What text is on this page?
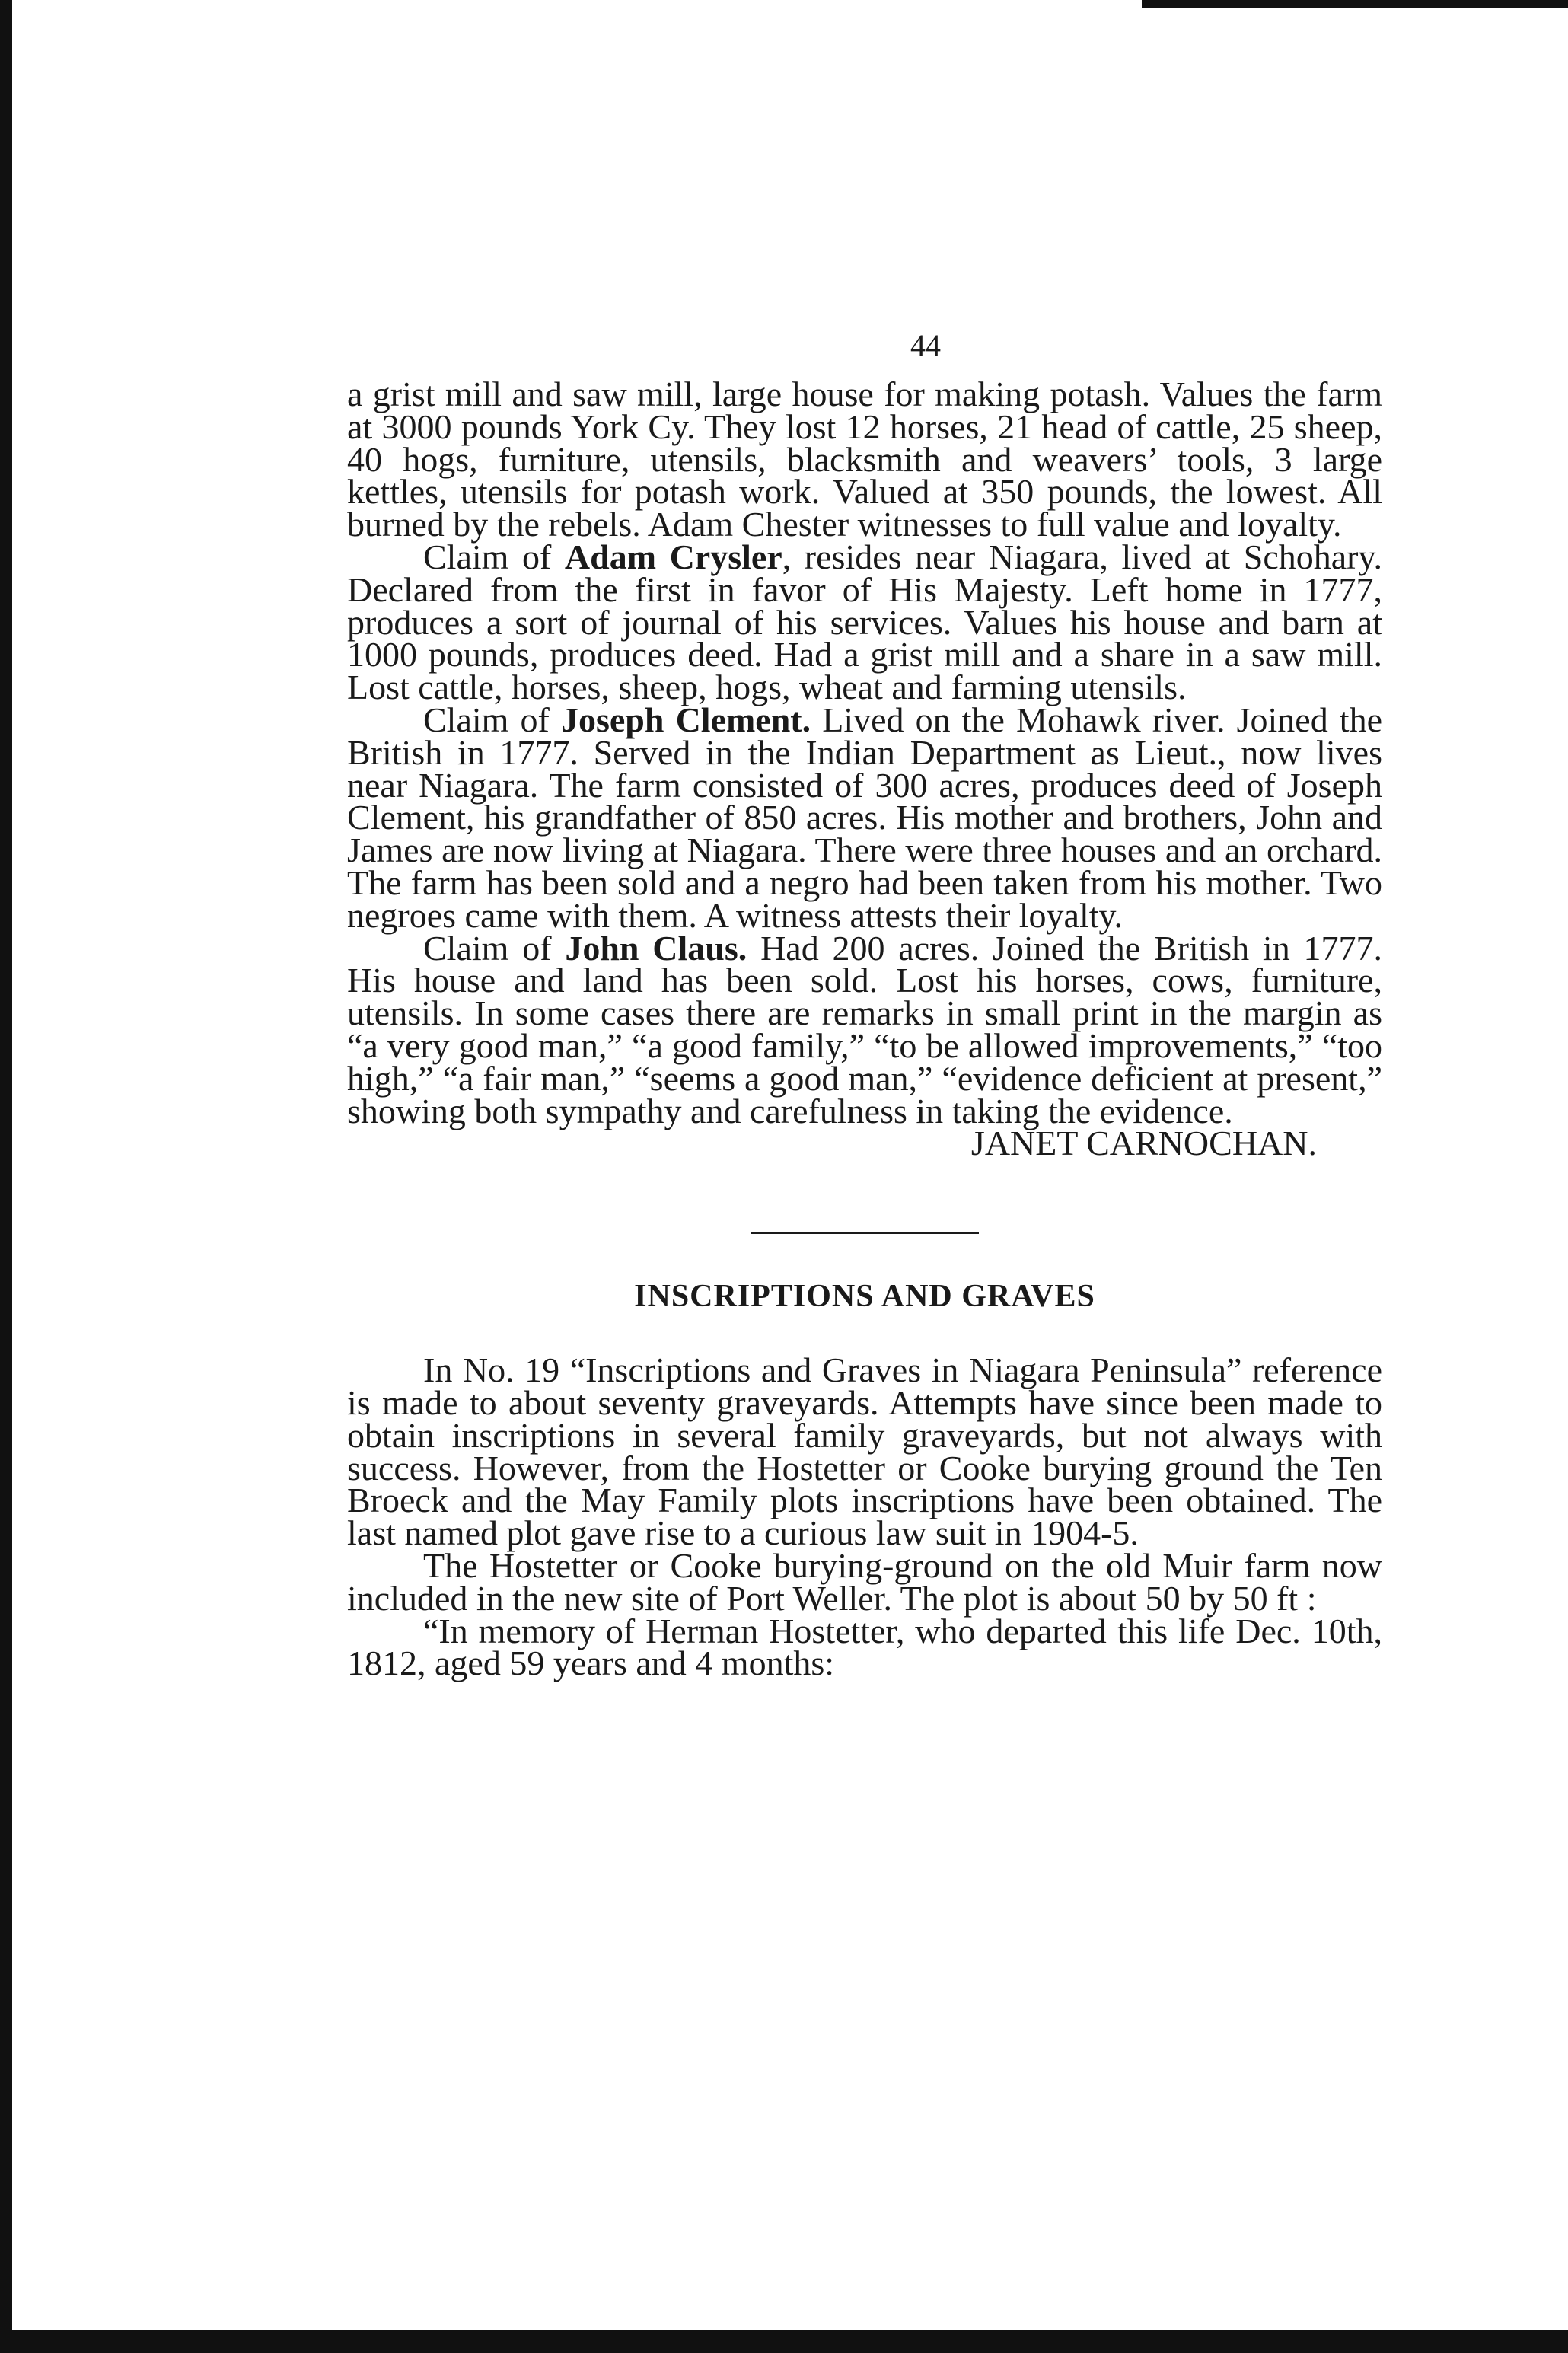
44

a grist mill and saw mill, large house for making potash. Values the farm at 3000 pounds York Cy. They lost 12 horses, 21 head of cattle, 25 sheep, 40 hogs, furniture, utensils, blacksmith and weavers’ tools, 3 large kettles, utensils for potash work. Valued at 350 pounds, the lowest. All burned by the rebels. Adam Chester witnesses to full value and loyalty.

Claim of Adam Crysler, resides near Niagara, lived at Schohary. Declared from the first in favor of His Majesty. Left home in 1777, produces a sort of journal of his services. Values his house and barn at 1000 pounds, produces deed. Had a grist mill and a share in a saw mill. Lost cattle, horses, sheep, hogs, wheat and farming utensils.

Claim of Joseph Clement. Lived on the Mohawk river. Joined the British in 1777. Served in the Indian Department as Lieut., now lives near Niagara. The farm consisted of 300 acres, produces deed of Joseph Clement, his grandfather of 850 acres. His mother and brothers, John and James are now living at Niagara. There were three houses and an orchard. The farm has been sold and a negro had been taken from his mother. Two negroes came with them. A witness attests their loyalty.

Claim of John Claus. Had 200 acres. Joined the British in 1777. His house and land has been sold. Lost his horses, cows, furniture, utensils. In some cases there are remarks in small print in the margin as “a very good man,” “a good family,” “to be allowed improvements,” “too high,” “a fair man,” “seems a good man,” “evidence deficient at present,” showing both sympathy and carefulness in taking the evidence.

JANET CARNOCHAN.

INSCRIPTIONS AND GRAVES

In No. 19 “Inscriptions and Graves in Niagara Peninsula” reference is made to about seventy graveyards. Attempts have since been made to obtain inscriptions in several family graveyards, but not always with success. However, from the Hostetter or Cooke burying ground the Ten Broeck and the May Family plots inscriptions have been obtained. The last named plot gave rise to a curious law suit in 1904-5.

The Hostetter or Cooke burying-ground on the old Muir farm now included in the new site of Port Weller. The plot is about 50 by 50 ft :

“In memory of Herman Hostetter, who departed this life Dec. 10th, 1812, aged 59 years and 4 months:
